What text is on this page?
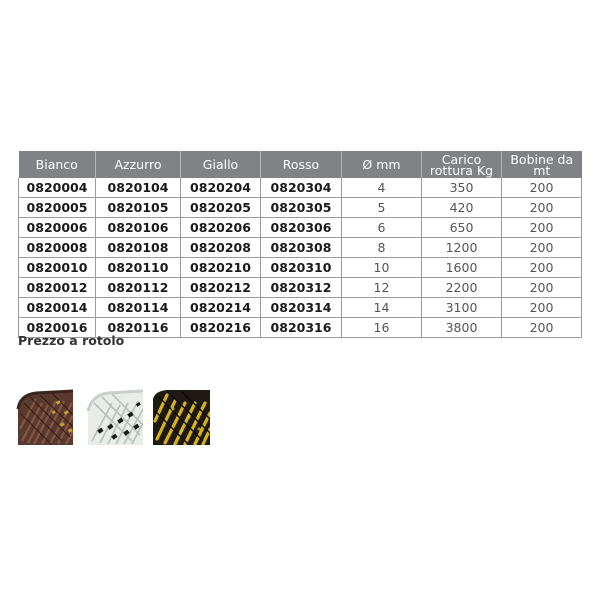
Bianco	Azzurro	Giallo	Rosso	Ø mm	Carico rottura Kg	Bobine da mt
0820004	0820104	0820204	0820304	4	350	200
0820005	0820105	0820205	0820305	5	420	200
0820006	0820106	0820206	0820306	6	650	200
0820008	0820108	0820208	0820308	8	1200	200
0820010	0820110	0820210	0820310	10	1600	200
0820012	0820112	0820212	0820312	12	2200	200
0820014	0820114	0820214	0820314	14	3100	200
0820016	0820116	0820216	0820316	16	3800	200
Prezzo a rotolo
